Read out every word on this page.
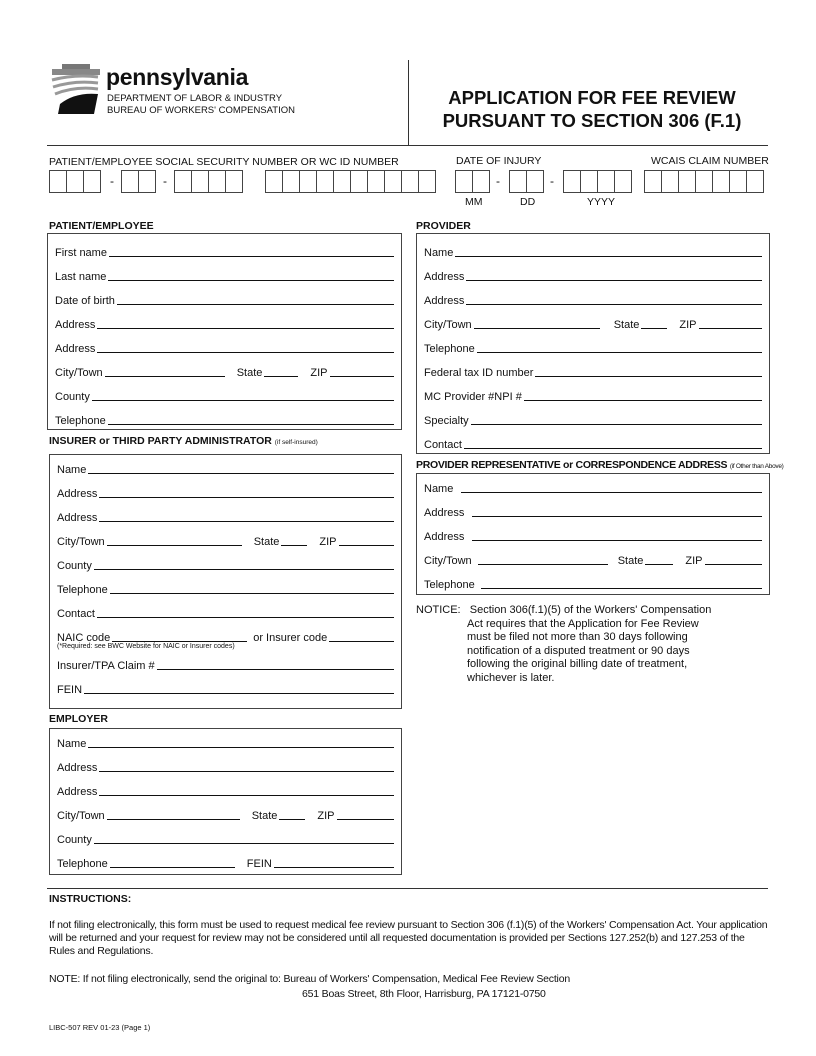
pennsylvania
DEPARTMENT OF LABOR & INDUSTRY
BUREAU OF WORKERS' COMPENSATION
APPLICATION FOR FEE REVIEW
PURSUANT TO SECTION 306 (F.1)
PATIENT/EMPLOYEE SOCIAL SECURITY NUMBER OR WC ID NUMBER	DATE OF INJURY	WCAIS CLAIM NUMBER
-	-	-	-
MM	DD	YYYY
PATIENT/EMPLOYEE
First name
Last name
Date of birth
Address
Address
City/Town	State	ZIP
County
Telephone
INSURER or THIRD PARTY ADMINISTRATOR (if self-insured)
Name
Address
Address
City/Town	State	ZIP
County
Telephone
Contact
NAIC code	or Insurer code
(*Required: see BWC Website for NAIC or Insurer codes)
Insurer/TPA Claim #
FEIN
EMPLOYER
Name
Address
Address
City/Town	State	ZIP
County
Telephone	FEIN
PROVIDER
Name
Address
Address
City/Town	State	ZIP
Telephone
Federal tax ID number
MC Provider #NPI #
Specialty
Contact
PROVIDER REPRESENTATIVE or CORRESPONDENCE ADDRESS (if Other than Above)
Name
Address
Address
City/Town	State	ZIP
Telephone
NOTICE: Section 306(f.1)(5) of the Workers' Compensation
Act requires that the Application for Fee Review
must be filed not more than 30 days following
notification of a disputed treatment or 90 days
following the original billing date of treatment,
whichever is later.
INSTRUCTIONS:
If not filing electronically, this form must be used to request medical fee review pursuant to Section 306 (f.1)(5) of the Workers' Compensation Act. Your application will be returned and your request for review may not be considered until all requested documentation is provided per Sections 127.252(b) and 127.253 of the Rules and Regulations.
NOTE: If not filing electronically, send the original to: Bureau of Workers' Compensation, Medical Fee Review Section
651 Boas Street, 8th Floor, Harrisburg, PA 17121-0750
LIBC-507 REV 01-23 (Page 1)
